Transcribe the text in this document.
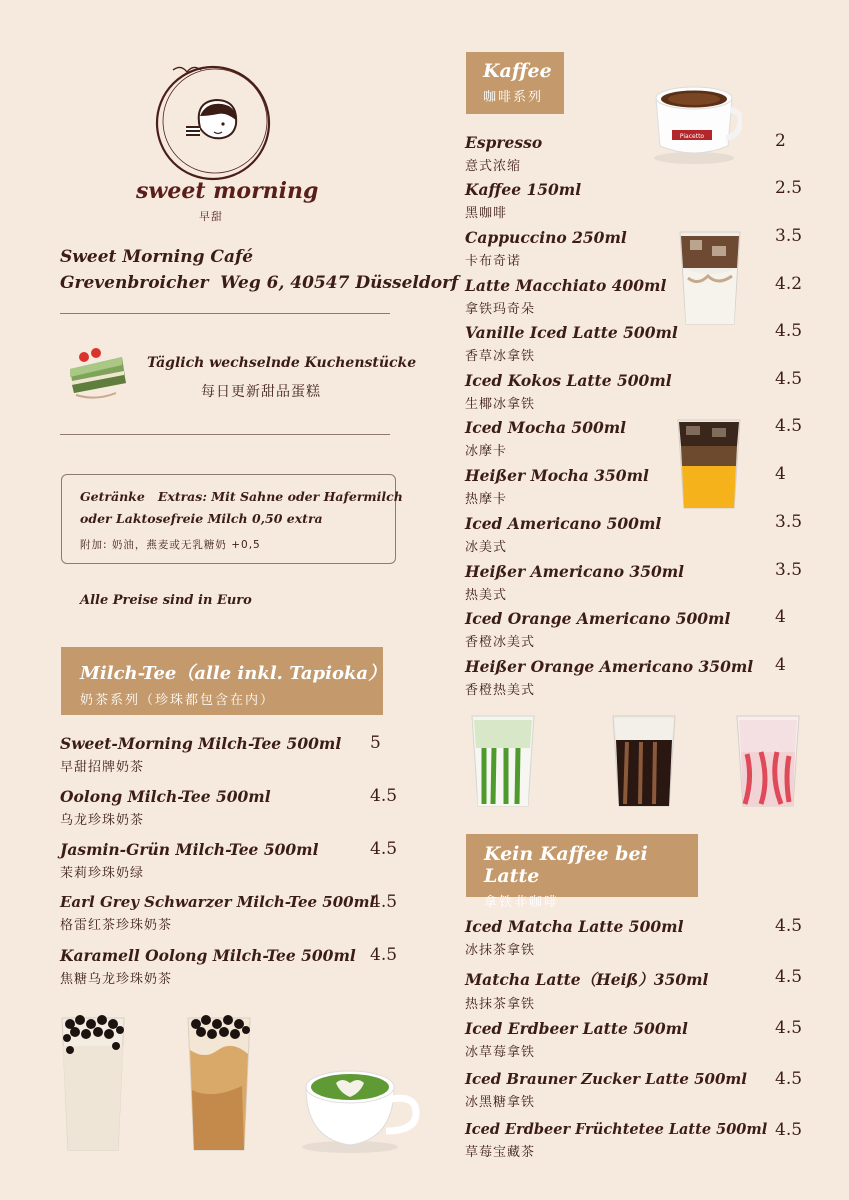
sweet morning
早甜
Sweet Morning Café
Grevenbroicher  Weg 6, 40547 Düsseldorf
Täglich wechselnde Kuchenstücke
每日更新甜品蛋糕
Getränke   Extras: Mit Sahne oder Hafermilch
oder Laktosefreie Milch 0,50 extra
附加: 奶油，燕麦或无乳糖奶 +0,5
Alle Preise sind in Euro
Milch-Tee（alle inkl. Tapioka）
奶茶系列（珍珠都包含在内）
Sweet-Morning Milch-Tee 500ml
早甜招牌奶茶
5
Oolong Milch-Tee 500ml
乌龙珍珠奶茶
4.5
Jasmin-Grün Milch-Tee 500ml
茉莉珍珠奶绿
4.5
Earl Grey Schwarzer Milch-Tee 500ml
格雷红茶珍珠奶茶
4.5
Karamell Oolong Milch-Tee 500ml
焦糖乌龙珍珠奶茶
4.5
Kaffee
咖啡系列
Piacetto
Espresso
意式浓缩
2
Kaffee 150ml
黑咖啡
2.5
Cappuccino 250ml
卡布奇诺
3.5
Latte Macchiato 400ml
拿铁玛奇朵
4.2
Vanille Iced Latte 500ml
香草冰拿铁
4.5
Iced Kokos Latte 500ml
生椰冰拿铁
4.5
Iced Mocha 500ml
冰摩卡
4.5
Heißer Mocha 350ml
热摩卡
4
Iced Americano 500ml
冰美式
3.5
Heißer Americano 350ml
热美式
3.5
Iced Orange Americano 500ml
香橙冰美式
4
Heißer Orange Americano 350ml
香橙热美式
4
Kein Kaffee bei Latte
拿铁非咖啡
Iced Matcha Latte 500ml
冰抹茶拿铁
4.5
Matcha Latte（Heiß）350ml
热抹茶拿铁
4.5
Iced Erdbeer Latte 500ml
冰草莓拿铁
4.5
Iced Brauner Zucker Latte 500ml
冰黑糖拿铁
4.5
Iced Erdbeer Früchtetee Latte 500ml
草莓宝藏茶
4.5
